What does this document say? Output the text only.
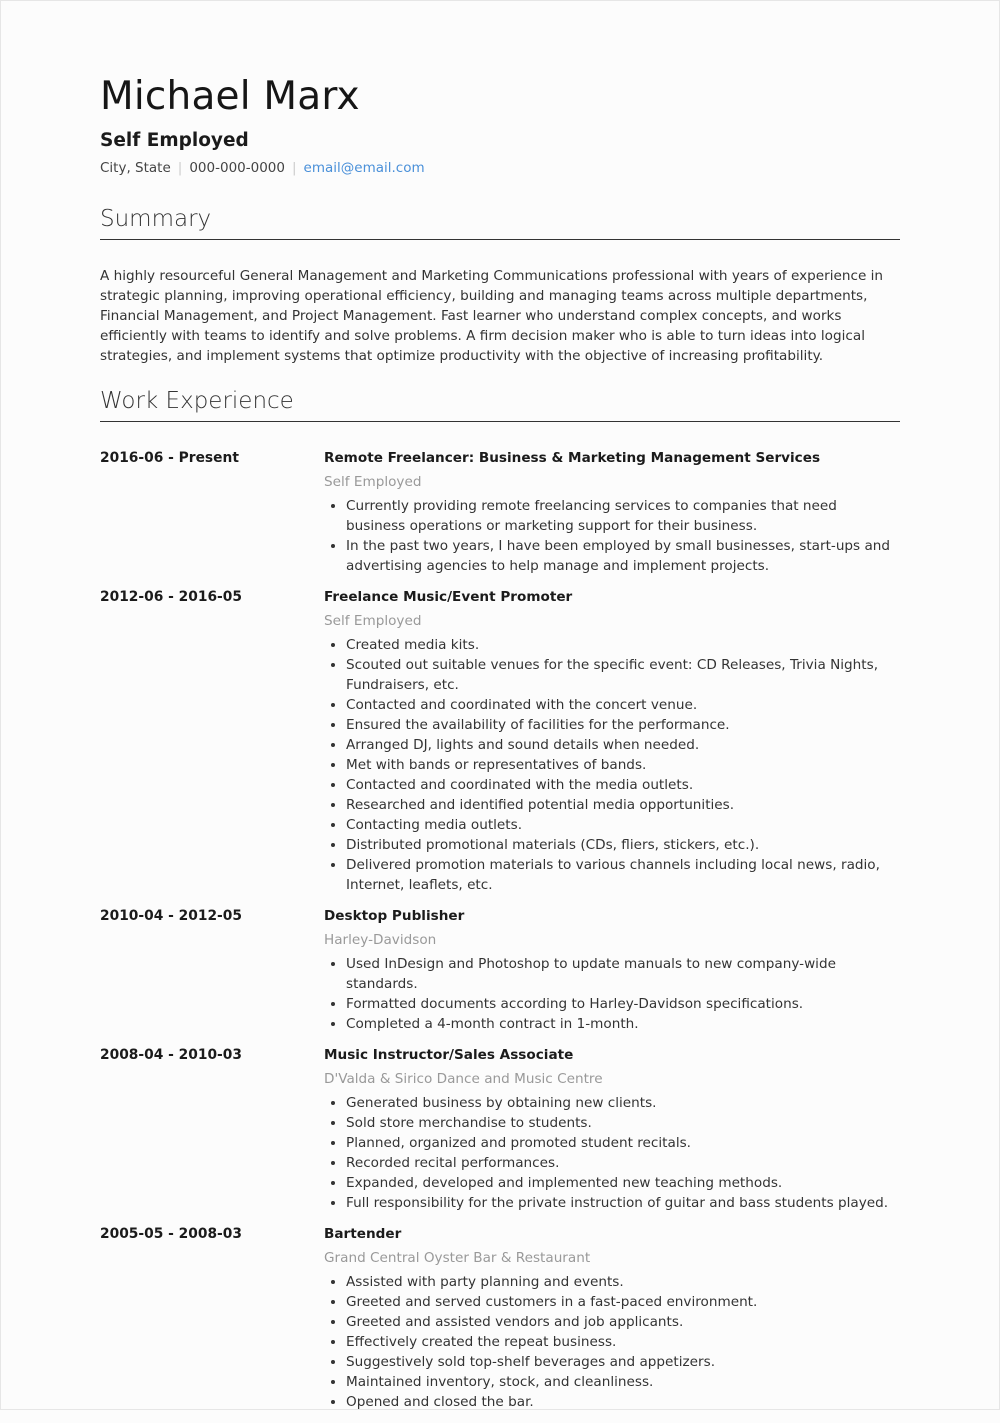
Michael Marx
Self Employed
City, State | 000-000-0000 | email@email.com
Summary

A highly resourceful General Management and Marketing Communications professional with years of experience in strategic planning, improving operational efficiency, building and managing teams across multiple departments, Financial Management, and Project Management. Fast learner who understand complex concepts, and works efficiently with teams to identify and solve problems. A firm decision maker who is able to turn ideas into logical strategies, and implement systems that optimize productivity with the objective of increasing profitability.

Work Experience
2016-06 - Present	Remote Freelancer: Business & Marketing Management Services
Self Employed
• Currently providing remote freelancing services to companies that need business operations or marketing support for their business.
• In the past two years, I have been employed by small businesses, start-ups and advertising agencies to help manage and implement projects.
2012-06 - 2016-05	Freelance Music/Event Promoter
Self Employed
• Created media kits.
• Scouted out suitable venues for the specific event: CD Releases, Trivia Nights, Fundraisers, etc.
• Contacted and coordinated with the concert venue.
• Ensured the availability of facilities for the performance.
• Arranged DJ, lights and sound details when needed.
• Met with bands or representatives of bands.
• Contacted and coordinated with the media outlets.
• Researched and identified potential media opportunities.
• Contacting media outlets.
• Distributed promotional materials (CDs, fliers, stickers, etc.).
• Delivered promotion materials to various channels including local news, radio, Internet, leaflets, etc.
2010-04 - 2012-05	Desktop Publisher
Harley-Davidson
• Used InDesign and Photoshop to update manuals to new company-wide standards.
• Formatted documents according to Harley-Davidson specifications.
• Completed a 4-month contract in 1-month.
2008-04 - 2010-03	Music Instructor/Sales Associate
D'Valda & Sirico Dance and Music Centre
• Generated business by obtaining new clients.
• Sold store merchandise to students.
• Planned, organized and promoted student recitals.
• Recorded recital performances.
• Expanded, developed and implemented new teaching methods.
• Full responsibility for the private instruction of guitar and bass students played.
2005-05 - 2008-03	Bartender
Grand Central Oyster Bar & Restaurant
• Assisted with party planning and events.
• Greeted and served customers in a fast-paced environment.
• Greeted and assisted vendors and job applicants.
• Effectively created the repeat business.
• Suggestively sold top-shelf beverages and appetizers.
• Maintained inventory, stock, and cleanliness.
• Opened and closed the bar.
